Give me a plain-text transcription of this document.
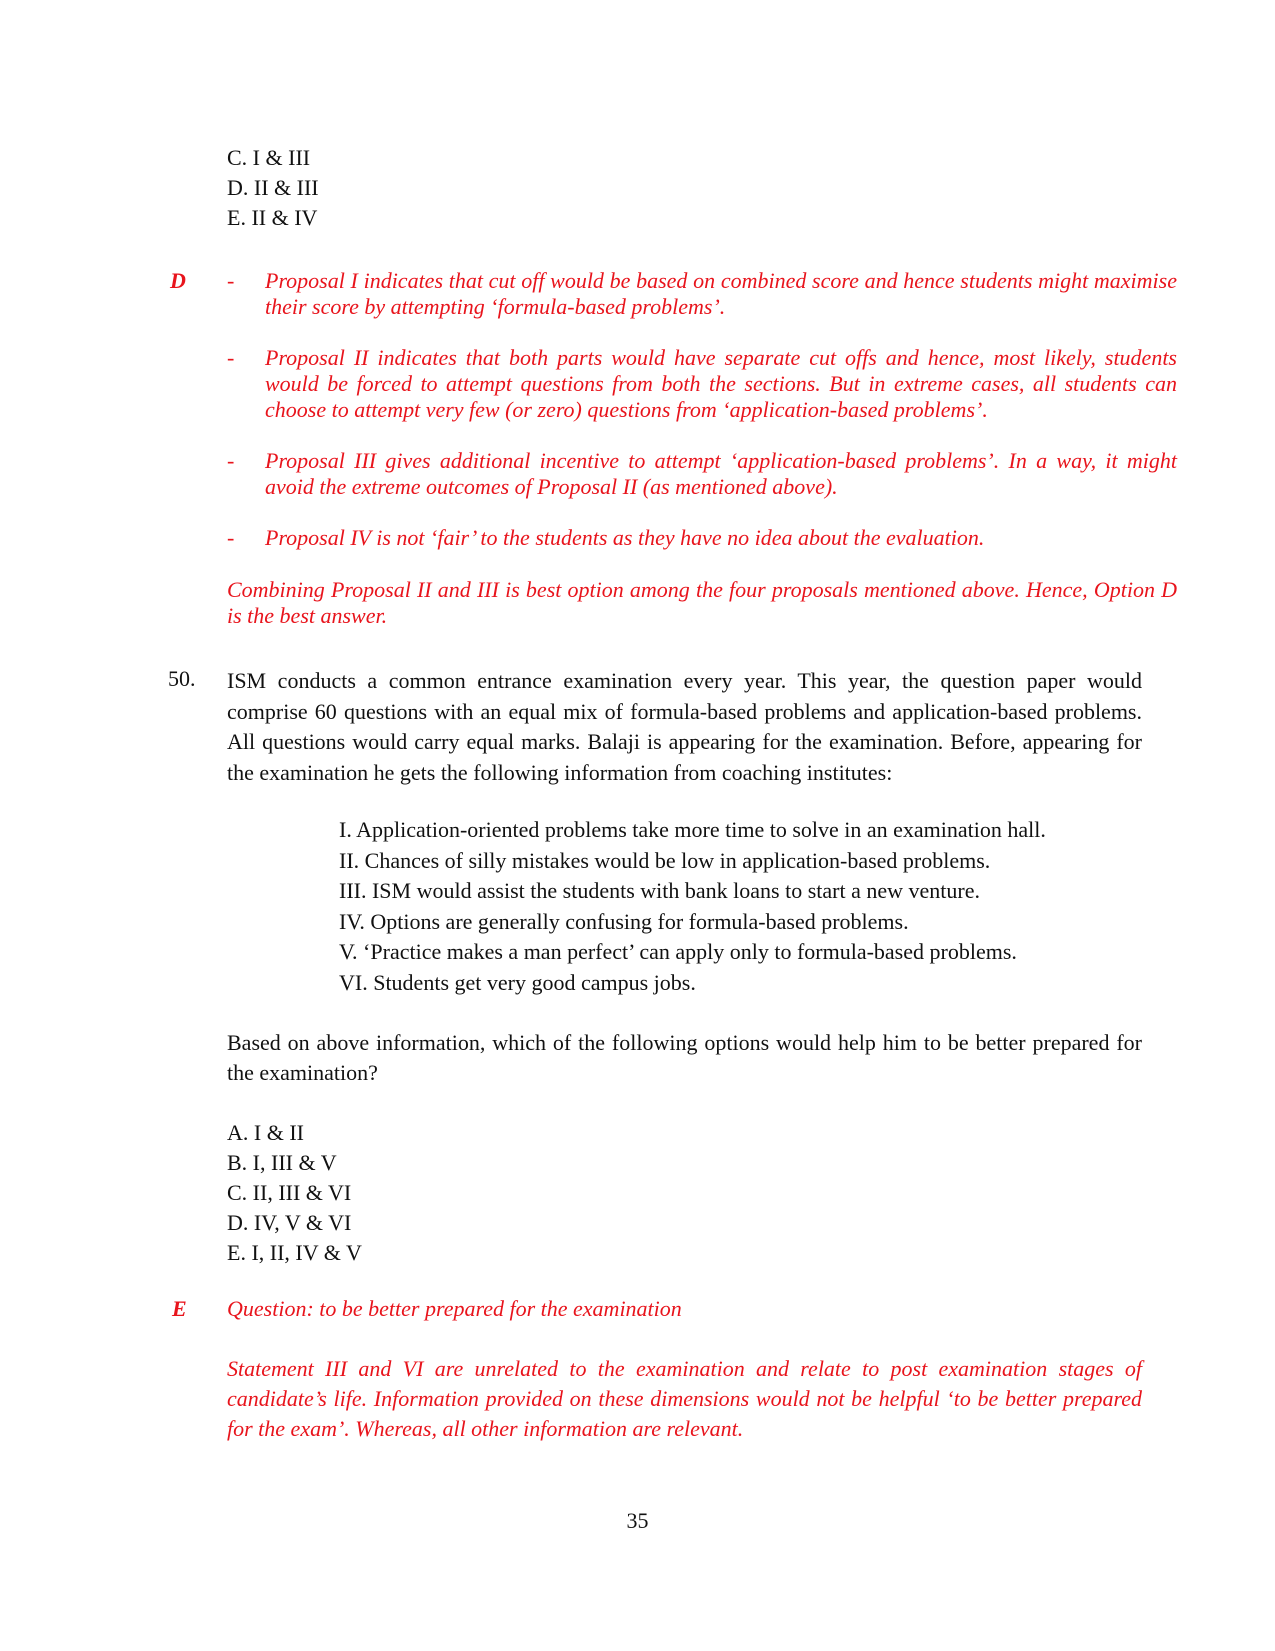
C. I & III
D. II & III
E. II & IV
D - Proposal I indicates that cut off would be based on combined score and hence students might maximise their score by attempting ‘formula-based problems’.
- Proposal II indicates that both parts would have separate cut offs and hence, most likely, students would be forced to attempt questions from both the sections. But in extreme cases, all students can choose to attempt very few (or zero) questions from ‘application-based problems’.
- Proposal III gives additional incentive to attempt ‘application-based problems’. In a way, it might avoid the extreme outcomes of Proposal II (as mentioned above).
- Proposal IV is not ‘fair’ to the students as they have no idea about the evaluation.
Combining Proposal II and III is best option among the four proposals mentioned above. Hence, Option D is the best answer.
50. ISM conducts a common entrance examination every year. This year, the question paper would comprise 60 questions with an equal mix of formula-based problems and application-based problems. All questions would carry equal marks. Balaji is appearing for the examination. Before, appearing for the examination he gets the following information from coaching institutes:
I. Application-oriented problems take more time to solve in an examination hall.
II. Chances of silly mistakes would be low in application-based problems.
III. ISM would assist the students with bank loans to start a new venture.
IV. Options are generally confusing for formula-based problems.
V. ‘Practice makes a man perfect’ can apply only to formula-based problems.
VI. Students get very good campus jobs.
Based on above information, which of the following options would help him to be better prepared for the examination?
A. I & II
B. I, III & V
C. II, III & VI
D. IV, V & VI
E. I, II, IV & V
E Question: to be better prepared for the examination
Statement III and VI are unrelated to the examination and relate to post examination stages of candidate’s life. Information provided on these dimensions would not be helpful ‘to be better prepared for the exam’. Whereas, all other information are relevant.
35
